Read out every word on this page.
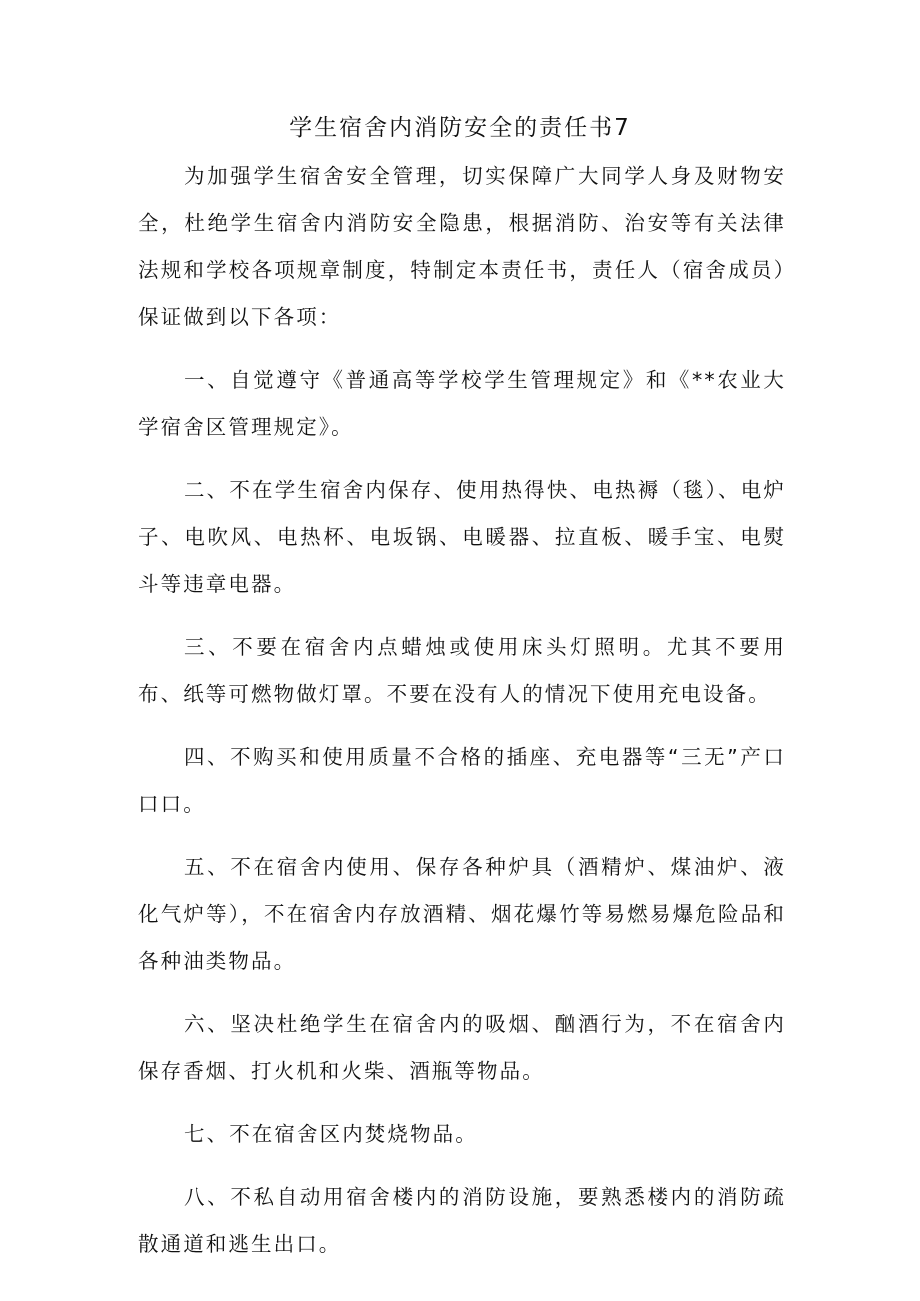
学生宿舍内消防安全的责任书7

为加强学生宿舍安全管理，切实保障广大同学人身及财物安全，杜绝学生宿舍内消防安全隐患，根据消防、治安等有关法律法规和学校各项规章制度，特制定本责任书，责任人（宿舍成员）保证做到以下各项：

一、自觉遵守《普通高等学校学生管理规定》和《**农业大学宿舍区管理规定》。

二、不在学生宿舍内保存、使用热得快、电热褥（毯）、电炉子、电吹风、电热杯、电坂锅、电暖器、拉直板、暖手宝、电熨斗等违章电器。

三、不要在宿舍内点蜡烛或使用床头灯照明。尤其不要用布、纸等可燃物做灯罩。不要在没有人的情况下使用充电设备。

四、不购买和使用质量不合格的插座、充电器等“三无”产口口口。

五、不在宿舍内使用、保存各种炉具（酒精炉、煤油炉、液化气炉等），不在宿舍内存放酒精、烟花爆竹等易燃易爆危险品和各种油类物品。

六、坚决杜绝学生在宿舍内的吸烟、酗酒行为，不在宿舍内保存香烟、打火机和火柴、酒瓶等物品。

七、不在宿舍区内焚烧物品。

八、不私自动用宿舍楼内的消防设施，要熟悉楼内的消防疏散通道和逃生出口。
